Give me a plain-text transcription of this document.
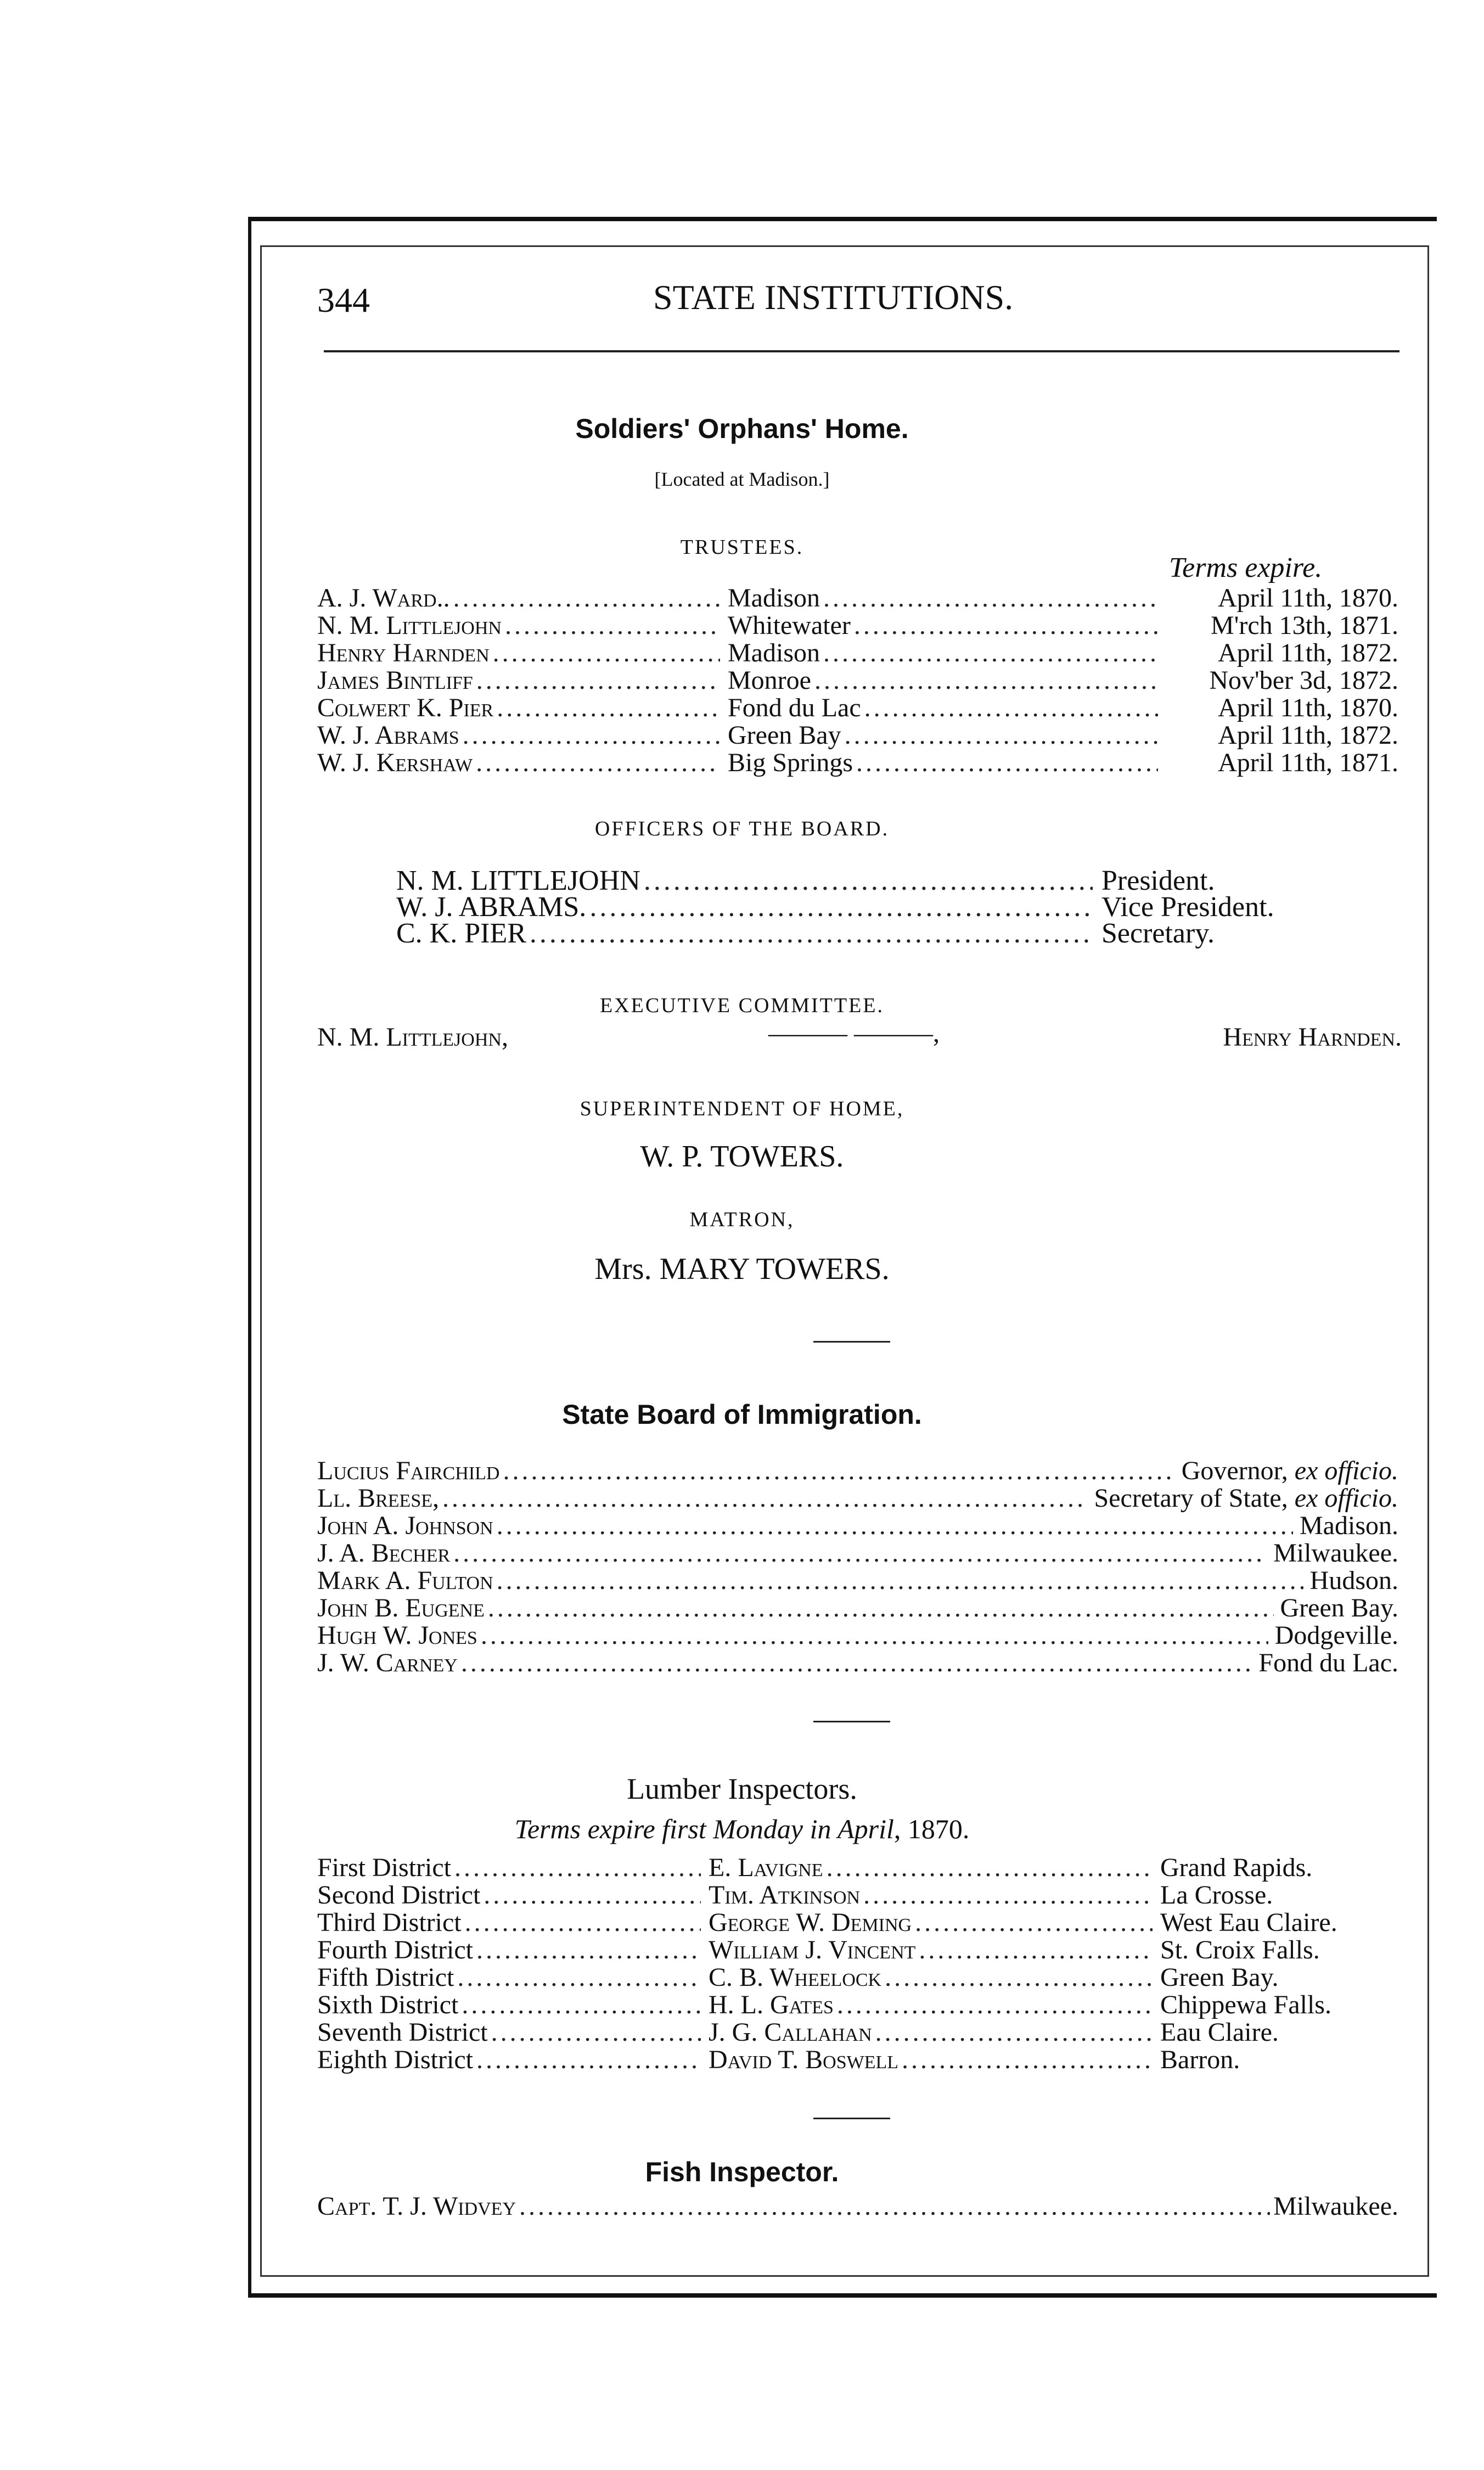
344	STATE INSTITUTIONS.
Soldiers' Orphans' Home.
[Located at Madison.]
TRUSTEES.
Terms expire.
A. J. Ward.. .....	Madison .....	April 11th, 1870.
N. M. Littlejohn .....	Whitewater .....	M'rch 13th, 1871.
Henry Harnden .....	Madison .....	April 11th, 1872.
James Bintliff .....	Monroe .....	Nov'ber 3d, 1872.
Colwert K. Pier .....	Fond du Lac .....	April 11th, 1870.
W. J. Abrams .....	Green Bay .....	April 11th, 1872.
W. J. Kershaw .....	Big Springs .....	April 11th, 1871.
OFFICERS OF THE BOARD.
N. M. LITTLEJOHN .....	President.
W. J. ABRAMS. .....	Vice President.
C. K. PIER .....	Secretary.
EXECUTIVE COMMITTEE.
N. M. Littlejohn,	——— ———,	Henry Harnden.
SUPERINTENDENT OF HOME,
W. P. TOWERS.
MATRON,
Mrs. MARY TOWERS.
State Board of Immigration.
Lucius Fairchild .....	Governor, ex officio.
Ll. Breese, .....	Secretary of State, ex officio.
John A. Johnson .....	Madison.
J. A. Becher .....	Milwaukee.
Mark A. Fulton .....	Hudson.
John B. Eugene .....	Green Bay.
Hugh W. Jones .....	Dodgeville.
J. W. Carney .....	Fond du Lac.
Lumber Inspectors.
Terms expire first Monday in April, 1870.
First District .....	E. Lavigne .....	Grand Rapids.
Second District .....	Tim. Atkinson .....	La Crosse.
Third District .....	George W. Deming .....	West Eau Claire.
Fourth District .....	William J. Vincent .....	St. Croix Falls.
Fifth District .....	C. B. Wheelock .....	Green Bay.
Sixth District .....	H. L. Gates .....	Chippewa Falls.
Seventh District .....	J. G. Callahan .....	Eau Claire.
Eighth District .....	David T. Boswell .....	Barron.
Fish Inspector.
Capt. T. J. Widvey .....	Milwaukee.
